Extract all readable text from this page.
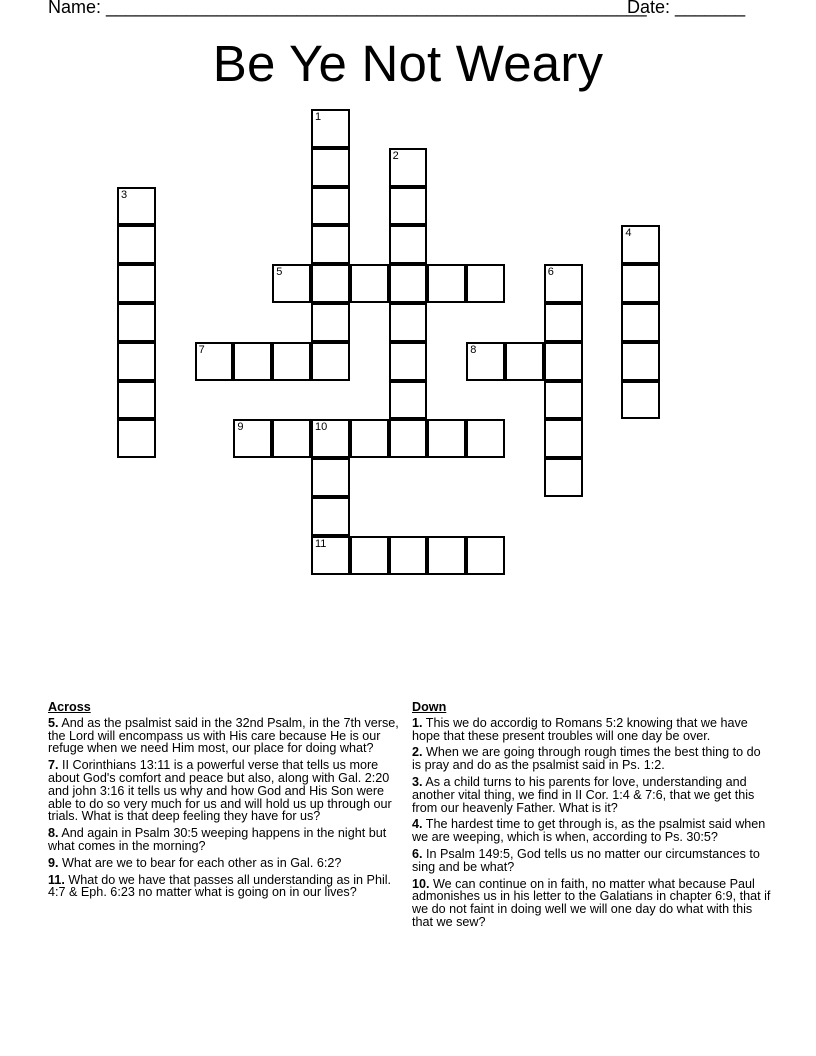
Name: ______________________________________________________
Date: _______
Be Ye Not Weary
1
2
3
4
5	6
7	8
9	10
11
Across
5. And as the psalmist said in the 32nd Psalm, in the 7th verse, the Lord will encompass us with His care because He is our refuge when we need Him most, our place for doing what?
7. II Corinthians 13:11 is a powerful verse that tells us more about God's comfort and peace but also, along with Gal. 2:20 and john 3:16 it tells us why and how God and His Son were able to do so very much for us and will hold us up through our trials. What is that deep feeling they have for us?
8. And again in Psalm 30:5 weeping happens in the night but what comes in the morning?
9. What are we to bear for each other as in Gal. 6:2?
11. What do we have that passes all understanding as in Phil. 4:7 & Eph. 6:23 no matter what is going on in our lives?
Down
1. This we do accordig to Romans 5:2 knowing that we have hope that these present troubles will one day be over.
2. When we are going through rough times the best thing to do is pray and do as the psalmist said in Ps. 1:2.
3. As a child turns to his parents for love, understanding and another vital thing, we find in II Cor. 1:4 & 7:6, that we get this from our heavenly Father. What is it?
4. The hardest time to get through is, as the psalmist said when we are weeping, which is when, according to Ps. 30:5?
6. In Psalm 149:5, God tells us no matter our circumstances to sing and be what?
10. We can continue on in faith, no matter what because Paul admonishes us in his letter to the Galatians in chapter 6:9, that if we do not faint in doing well we will one day do what with this that we sew?
